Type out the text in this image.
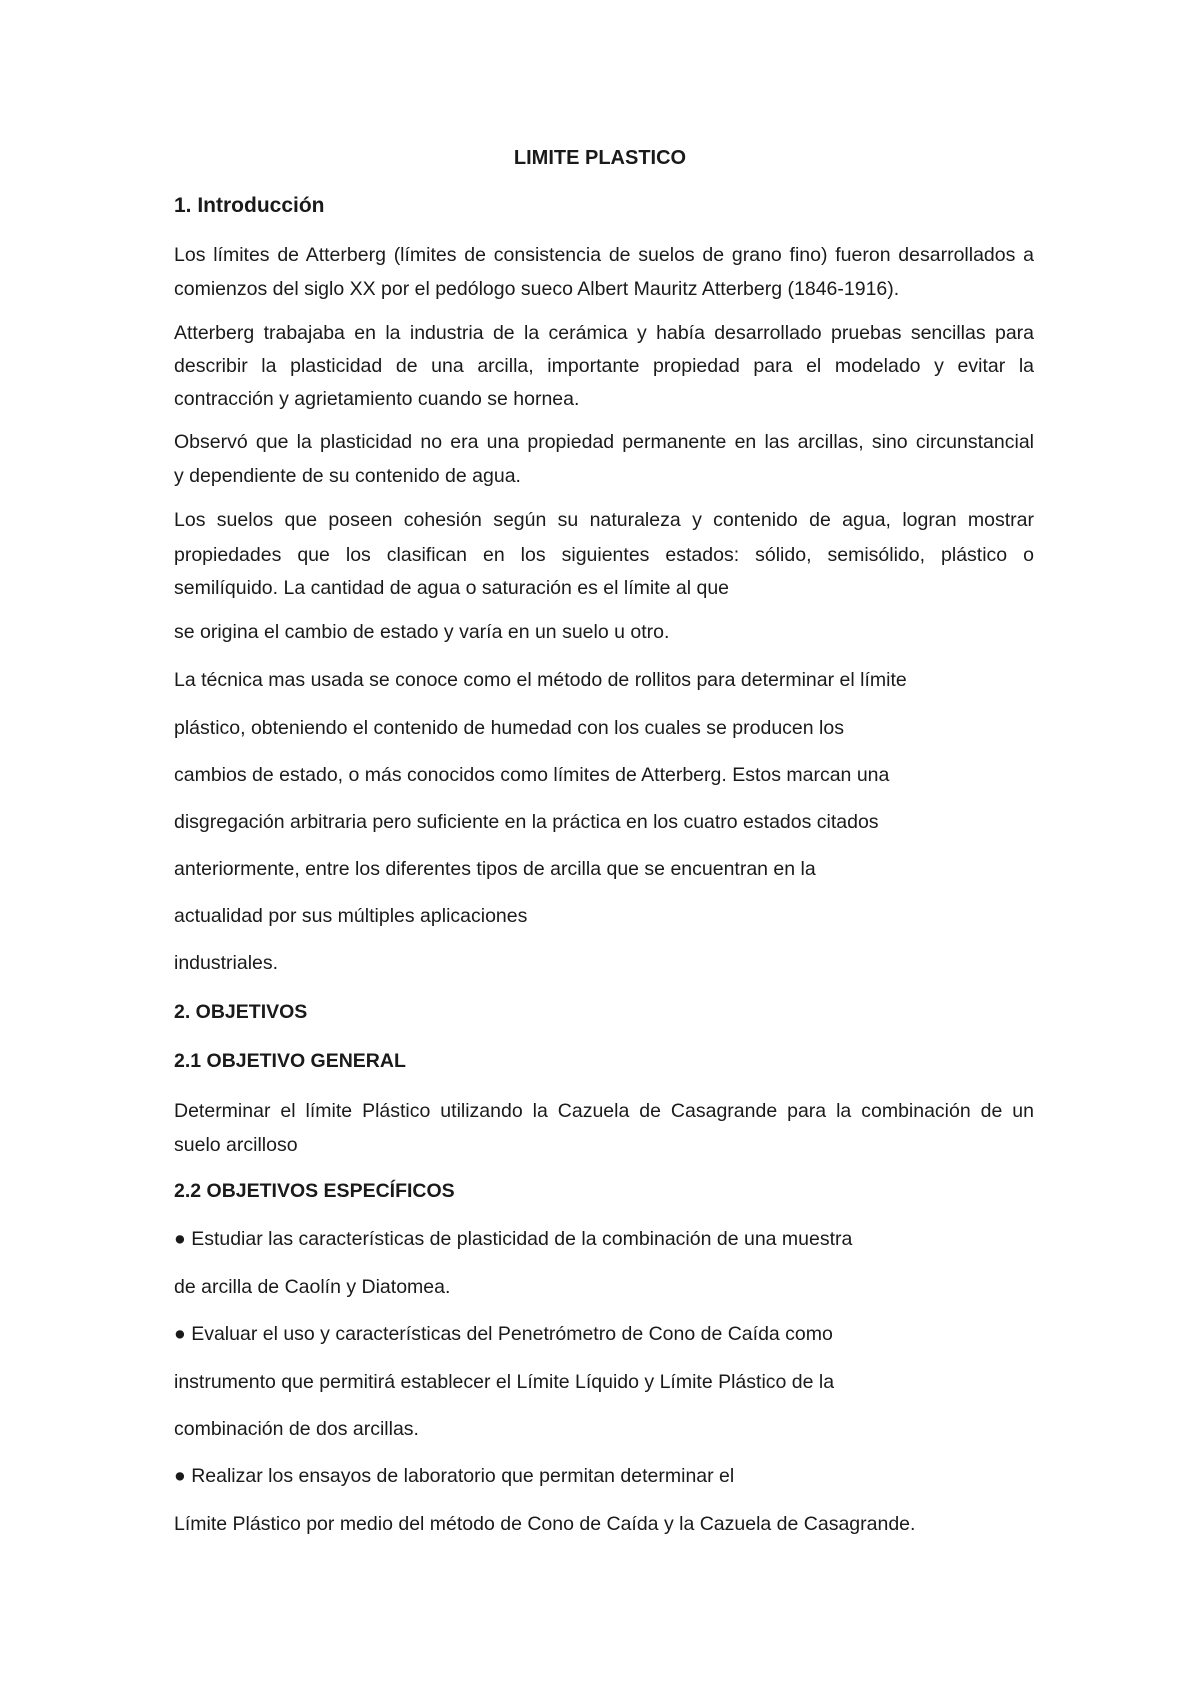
LIMITE PLASTICO

1. Introducción

Los límites de Atterberg (límites de consistencia de suelos de grano fino) fueron desarrollados a

comienzos del siglo XX por el pedólogo sueco Albert Mauritz Atterberg (1846-1916).

Atterberg trabajaba en la industria de la cerámica y había desarrollado pruebas sencillas para

describir la plasticidad de una arcilla, importante propiedad para el modelado y evitar la

contracción y agrietamiento cuando se hornea.

Observó que la plasticidad no era una propiedad permanente en las arcillas, sino circunstancial

y dependiente de su contenido de agua.

Los suelos que poseen cohesión según su naturaleza y contenido de agua, logran mostrar

propiedades que los clasifican en los siguientes estados: sólido, semisólido, plástico o

semilíquido. La cantidad de agua o saturación es el límite al que

se origina el cambio de estado y varía en un suelo u otro.

La técnica mas usada se conoce como el método de rollitos para determinar el límite

plástico, obteniendo el contenido de humedad con los cuales se producen los

cambios de estado, o más conocidos como límites de Atterberg. Estos marcan una

disgregación arbitraria pero suficiente en la práctica en los cuatro estados citados

anteriormente, entre los diferentes tipos de arcilla que se encuentran en la

actualidad por sus múltiples aplicaciones

industriales.

2. OBJETIVOS

2.1 OBJETIVO GENERAL

Determinar el límite Plástico utilizando la Cazuela de Casagrande para la combinación de un

suelo arcilloso

2.2 OBJETIVOS ESPECÍFICOS

● Estudiar las características de plasticidad de la combinación de una muestra

de arcilla de Caolín y Diatomea.

● Evaluar el uso y características del Penetrómetro de Cono de Caída como

instrumento que permitirá establecer el Límite Líquido y Límite Plástico de la

combinación de dos arcillas.

● Realizar los ensayos de laboratorio que permitan determinar el

Límite Plástico por medio del método de Cono de Caída y la Cazuela de Casagrande.
